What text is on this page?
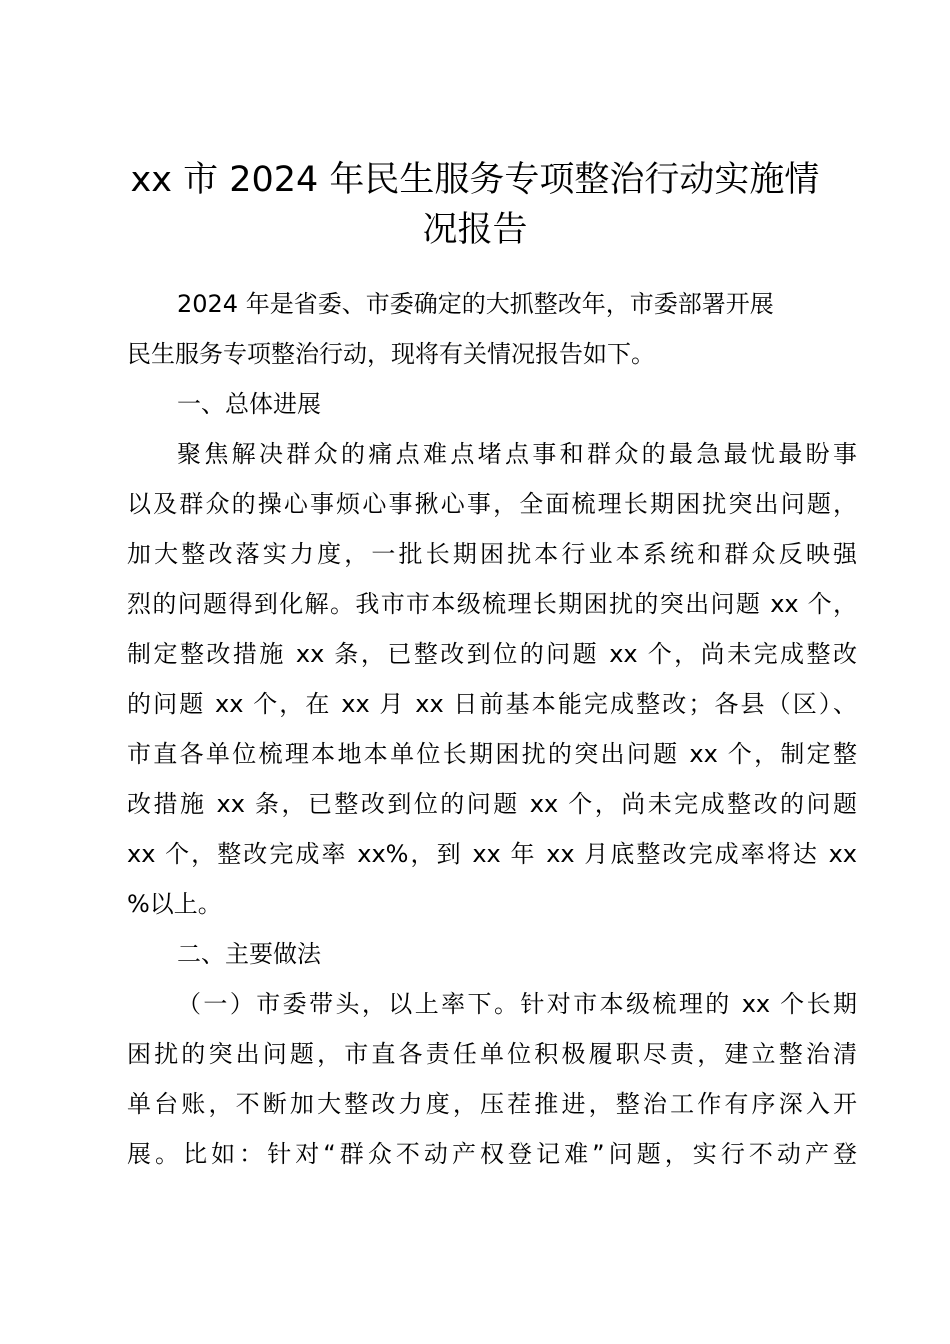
xx 市 2024 年民生服务专项整治行动实施情
况报告

2024 年是省委、市委确定的大抓整改年，市委部署开展

民生服务专项整治行动，现将有关情况报告如下。

一、总体进展

聚焦解决群众的痛点难点堵点事和群众的最急最忧最盼事

以及群众的操心事烦心事揪心事，全面梳理长期困扰突出问题，

加大整改落实力度，一批长期困扰本行业本系统和群众反映强

烈的问题得到化解。我市市本级梳理长期困扰的突出问题 xx 个，

制定整改措施 xx 条，已整改到位的问题 xx 个，尚未完成整改

的问题 xx 个，在 xx 月 xx 日前基本能完成整改；各县（区）、

市直各单位梳理本地本单位长期困扰的突出问题 xx 个，制定整

改措施 xx 条，已整改到位的问题 xx 个，尚未完成整改的问题

xx 个，整改完成率 xx%，到 xx 年 xx 月底整改完成率将达 xx

%以上。

二、主要做法

（一）市委带头，以上率下。针对市本级梳理的 xx 个长期

困扰的突出问题，市直各责任单位积极履职尽责，建立整治清

单台账，不断加大整改力度，压茬推进，整治工作有序深入开

展。比如：针对“群众不动产权登记难”问题，实行不动产登
